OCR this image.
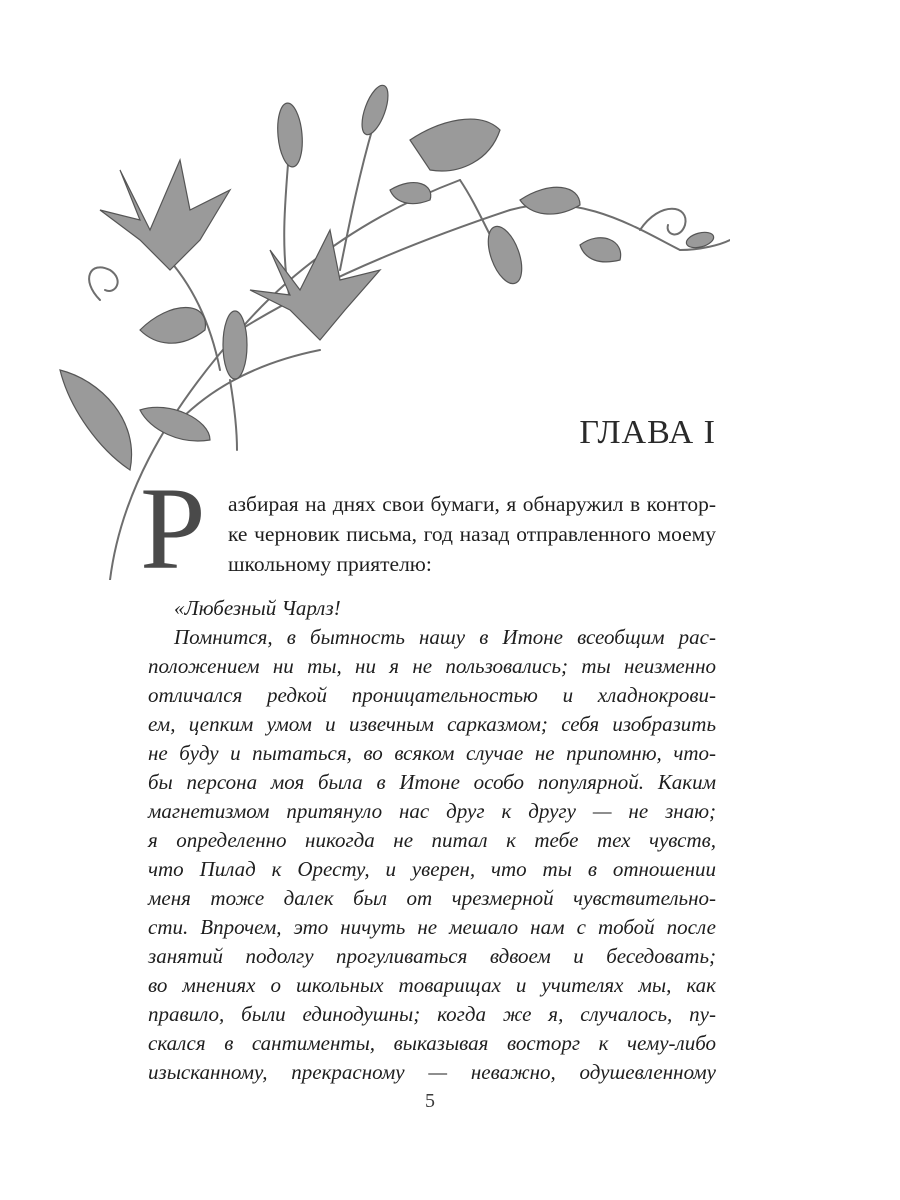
ГЛАВА I
Р азбирая на днях свои бумаги, я обнаружил в контор-
ке черновик письма, год назад отправленного моему
школьному приятелю:
«Любезный Чарлз!
Помнится, в бытность нашу в Итоне всеобщим рас-
положением ни ты, ни я не пользовались; ты неизменно
отличался редкой проницательностью и хладнокрови-
ем, цепким умом и извечным сарказмом; себя изобразить
не буду и пытаться, во всяком случае не припомню, что-
бы персона моя была в Итоне особо популярной. Каким
магнетизмом притянуло нас друг к другу — не знаю;
я определенно никогда не питал к тебе тех чувств,
что Пилад к Оресту, и уверен, что ты в отношении
меня тоже далек был от чрезмерной чувствительно-
сти. Впрочем, это ничуть не мешало нам с тобой после
занятий подолгу прогуливаться вдвоем и беседовать;
во мнениях о школьных товарищах и учителях мы, как
правило, были единодушны; когда же я, случалось, пу-
скался в сантименты, выказывая восторг к чему-либо
изысканному, прекрасному — неважно, одушевленному
5
